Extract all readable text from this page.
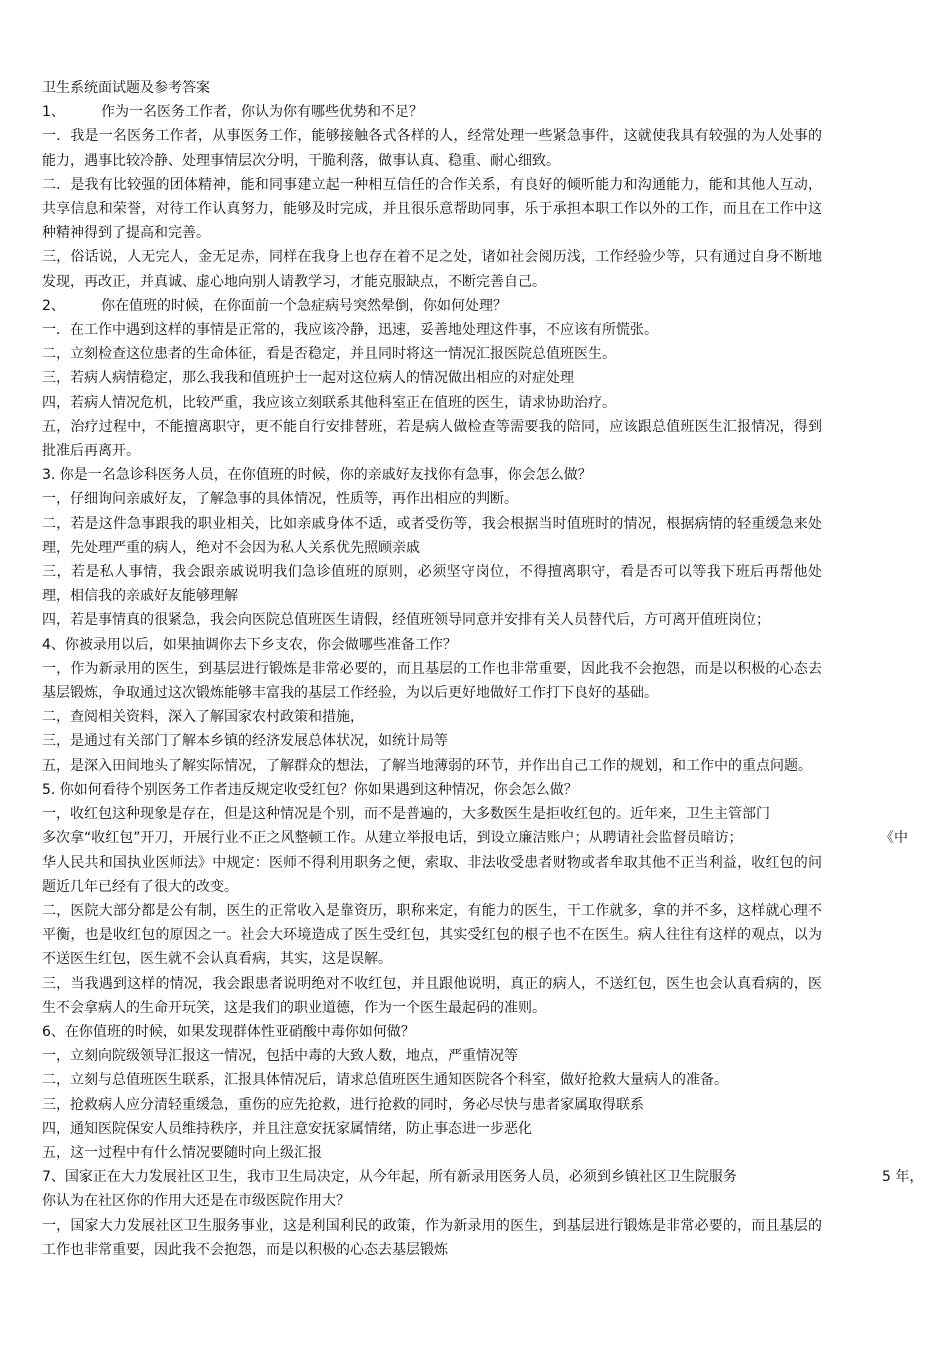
卫生系统面试题及参考答案

1、	作为一名医务工作者，你认为你有哪些优势和不足？

一．我是一名医务工作者，从事医务工作，能够接触各式各样的人，经常处理一些紧急事件，这就使我具有较强的为人处事的能力，遇事比较冷静、处理事情层次分明，干脆利落，做事认真、稳重、耐心细致。

二．是我有比较强的团体精神，能和同事建立起一种相互信任的合作关系，有良好的倾听能力和沟通能力，能和其他人互动，共享信息和荣誉，对待工作认真努力，能够及时完成，并且很乐意帮助同事，乐于承担本职工作以外的工作，而且在工作中这种精神得到了提高和完善。

三，俗话说，人无完人，金无足赤，同样在我身上也存在着不足之处，诸如社会阅历浅，工作经验少等，只有通过自身不断地发现，再改正，并真诚、虚心地向别人请教学习，才能克服缺点，不断完善自己。

2、	你在值班的时候，在你面前一个急症病号突然晕倒，你如何处理？

一．在工作中遇到这样的事情是正常的，我应该冷静，迅速，妥善地处理这件事，不应该有所慌张。

二，立刻检查这位患者的生命体征，看是否稳定，并且同时将这一情况汇报医院总值班医生。

三，若病人病情稳定，那么我我和值班护士一起对这位病人的情况做出相应的对症处理

四，若病人情况危机，比较严重，我应该立刻联系其他科室正在值班的医生，请求协助治疗。

五，治疗过程中，不能擅离职守，更不能自行安排替班，若是病人做检查等需要我的陪同，应该跟总值班医生汇报情况，得到批准后再离开。

3. 你是一名急诊科医务人员，在你值班的时候，你的亲戚好友找你有急事，你会怎么做？

一，仔细询问亲戚好友，了解急事的具体情况，性质等，再作出相应的判断。

二，若是这件急事跟我的职业相关，比如亲戚身体不适，或者受伤等，我会根据当时值班时的情况，根据病情的轻重缓急来处理，先处理严重的病人，绝对不会因为私人关系优先照顾亲戚

三，若是私人事情，我会跟亲戚说明我们急诊值班的原则，必须坚守岗位，不得擅离职守，看是否可以等我下班后再帮他处理，相信我的亲戚好友能够理解

四，若是事情真的很紧急，我会向医院总值班医生请假，经值班领导同意并安排有关人员替代后，方可离开值班岗位；

4、你被录用以后，如果抽调你去下乡支农，你会做哪些准备工作？

一，作为新录用的医生，到基层进行锻炼是非常必要的，而且基层的工作也非常重要，因此我不会抱怨，而是以积极的心态去基层锻炼，争取通过这次锻炼能够丰富我的基层工作经验，为以后更好地做好工作打下良好的基础。

二，查阅相关资料，深入了解国家农村政策和措施，

三，是通过有关部门了解本乡镇的经济发展总体状况，如统计局等

五，是深入田间地头了解实际情况，了解群众的想法，了解当地薄弱的环节，并作出自己工作的规划，和工作中的重点问题。

5. 你如何看待个别医务工作者违反规定收受红包？你如果遇到这种情况，你会怎么做？

一，收红包这种现象是存在，但是这种情况是个别，而不是普遍的，大多数医生是拒收红包的。近年来，卫生主管部门

多次拿“收红包”开刀，开展行业不正之风整顿工作。从建立举报电话，到设立廉洁账户；从聘请社会监督员暗访；	《中

华人民共和国执业医师法》中规定：医师不得利用职务之便，索取、非法收受患者财物或者牟取其他不正当利益，收红包的问题近几年已经有了很大的改变。

二，医院大部分都是公有制，医生的正常收入是靠资历，职称来定，有能力的医生，干工作就多，拿的并不多，这样就心理不平衡，也是收红包的原因之一。社会大环境造成了医生受红包，其实受红包的根子也不在医生。病人往往有这样的观点，以为不送医生红包，医生就不会认真看病，其实，这是误解。

三，当我遇到这样的情况，我会跟患者说明绝对不收红包，并且跟他说明，真正的病人，不送红包，医生也会认真看病的，医生不会拿病人的生命开玩笑，这是我们的职业道德，作为一个医生最起码的准则。

6、在你值班的时候，如果发现群体性亚硝酸中毒你如何做？

一，立刻向院级领导汇报这一情况，包括中毒的大致人数，地点，严重情况等

二，立刻与总值班医生联系，汇报具体情况后，请求总值班医生通知医院各个科室，做好抢救大量病人的准备。

三，抢救病人应分清轻重缓急，重伤的应先抢救，进行抢救的同时，务必尽快与患者家属取得联系

四，通知医院保安人员维持秩序，并且注意安抚家属情绪，防止事态进一步恶化

五，这一过程中有什么情况要随时向上级汇报

7、国家正在大力发展社区卫生，我市卫生局决定，从今年起，所有新录用医务人员，必须到乡镇社区卫生院服务	5 年，

你认为在社区你的作用大还是在市级医院作用大？

一，国家大力发展社区卫生服务事业，这是利国利民的政策，作为新录用的医生，到基层进行锻炼是非常必要的，而且基层的工作也非常重要，因此我不会抱怨，而是以积极的心态去基层锻炼
